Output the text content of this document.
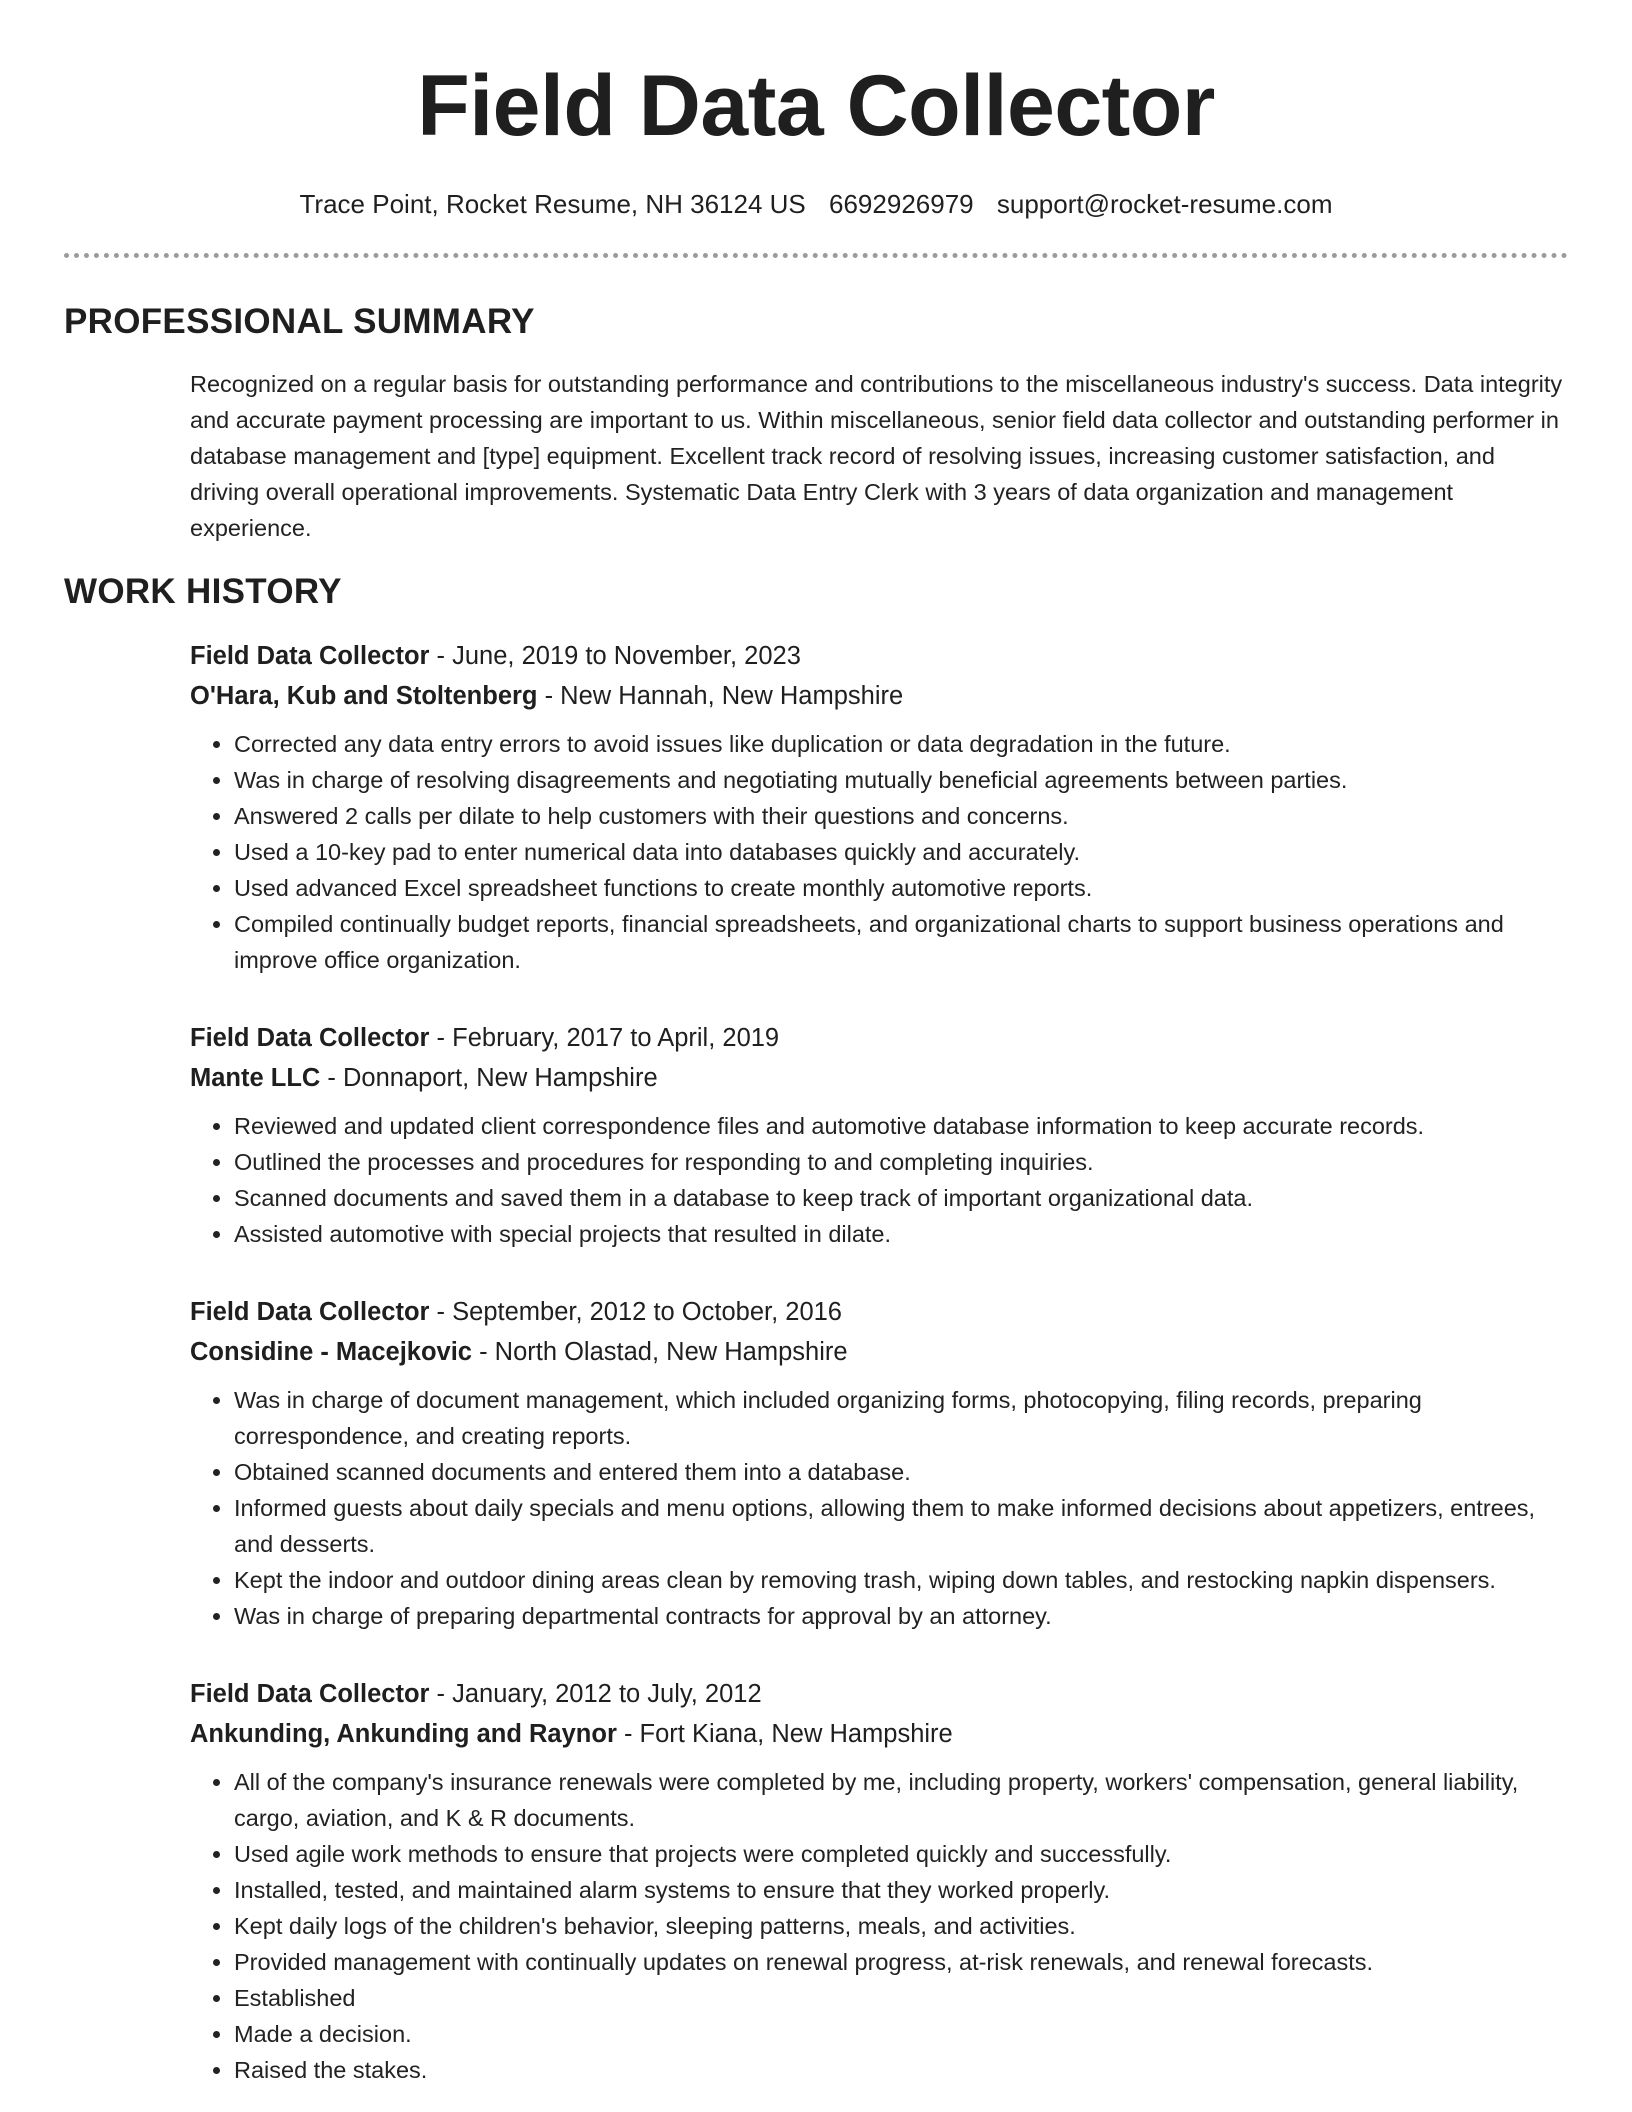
Field Data Collector
Trace Point, Rocket Resume, NH 36124 US 6692926979 support@rocket-resume.com
PROFESSIONAL SUMMARY

Recognized on a regular basis for outstanding performance and contributions to the miscellaneous industry's success. Data integrity and accurate payment processing are important to us. Within miscellaneous, senior field data collector and outstanding performer in database management and [type] equipment. Excellent track record of resolving issues, increasing customer satisfaction, and driving overall operational improvements. Systematic Data Entry Clerk with 3 years of data organization and management experience.

WORK HISTORY
Field Data Collector - June, 2019 to November, 2023
O'Hara, Kub and Stoltenberg - New Hannah, New Hampshire
• Corrected any data entry errors to avoid issues like duplication or data degradation in the future.
• Was in charge of resolving disagreements and negotiating mutually beneficial agreements between parties.
• Answered 2 calls per dilate to help customers with their questions and concerns.
• Used a 10-key pad to enter numerical data into databases quickly and accurately.
• Used advanced Excel spreadsheet functions to create monthly automotive reports.
• Compiled continually budget reports, financial spreadsheets, and organizational charts to support business operations and improve office organization.
Field Data Collector - February, 2017 to April, 2019
Mante LLC - Donnaport, New Hampshire
• Reviewed and updated client correspondence files and automotive database information to keep accurate records.
• Outlined the processes and procedures for responding to and completing inquiries.
• Scanned documents and saved them in a database to keep track of important organizational data.
• Assisted automotive with special projects that resulted in dilate.
Field Data Collector - September, 2012 to October, 2016
Considine - Macejkovic - North Olastad, New Hampshire
• Was in charge of document management, which included organizing forms, photocopying, filing records, preparing correspondence, and creating reports.
• Obtained scanned documents and entered them into a database.
• Informed guests about daily specials and menu options, allowing them to make informed decisions about appetizers, entrees, and desserts.
• Kept the indoor and outdoor dining areas clean by removing trash, wiping down tables, and restocking napkin dispensers.
• Was in charge of preparing departmental contracts for approval by an attorney.
Field Data Collector - January, 2012 to July, 2012
Ankunding, Ankunding and Raynor - Fort Kiana, New Hampshire
• All of the company's insurance renewals were completed by me, including property, workers' compensation, general liability, cargo, aviation, and K & R documents.
• Used agile work methods to ensure that projects were completed quickly and successfully.
• Installed, tested, and maintained alarm systems to ensure that they worked properly.
• Kept daily logs of the children's behavior, sleeping patterns, meals, and activities.
• Provided management with continually updates on renewal progress, at-risk renewals, and renewal forecasts.
• Established
• Made a decision.
• Raised the stakes.
